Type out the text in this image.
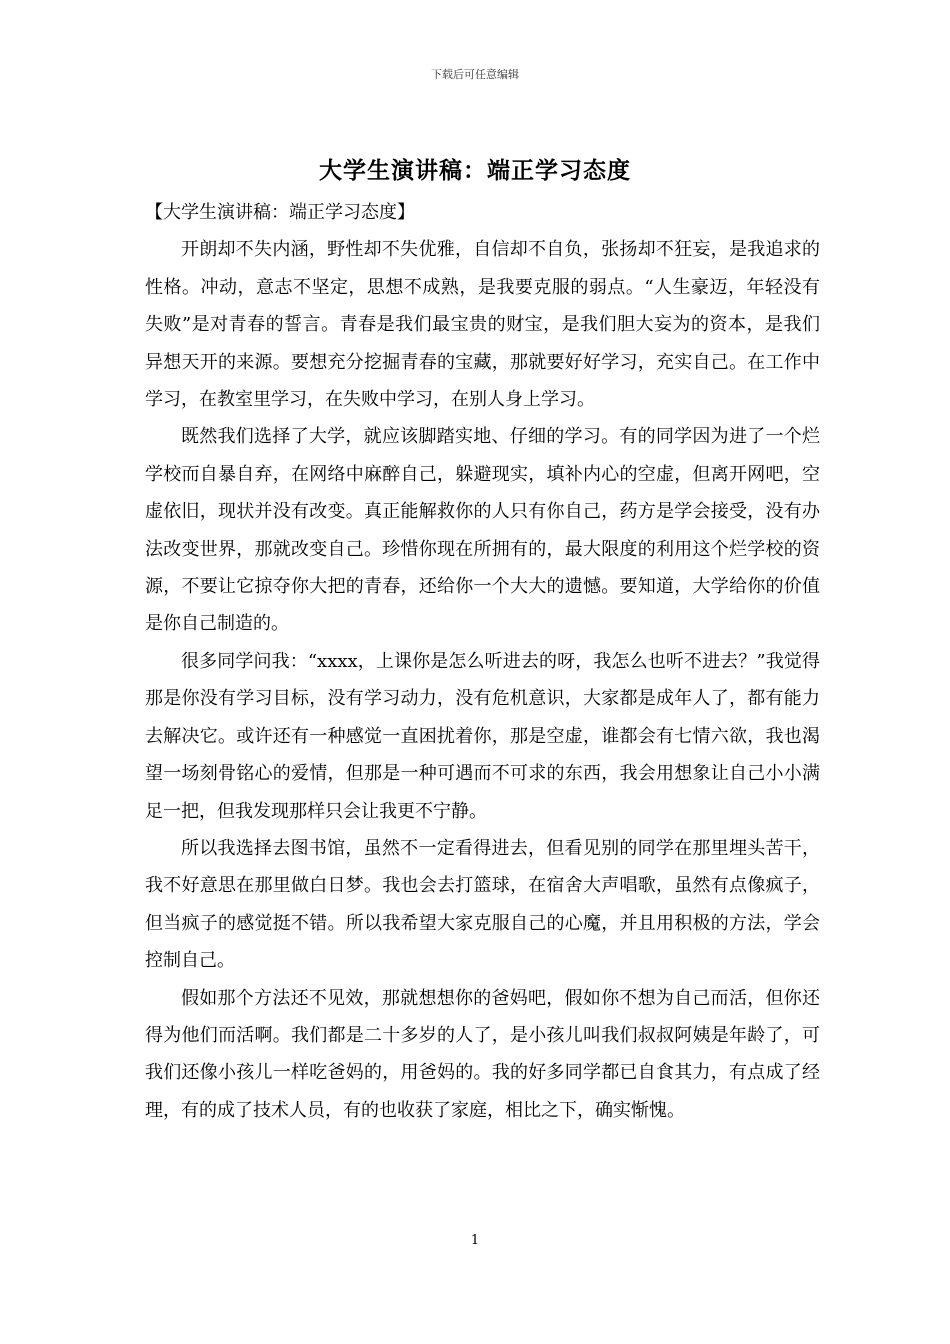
下载后可任意编辑
大学生演讲稿：端正学习态度

【大学生演讲稿：端正学习态度】

开朗却不失内涵，野性却不失优雅，自信却不自负，张扬却不狂妄，是我追求的性格。冲动，意志不坚定，思想不成熟，是我要克服的弱点。“人生豪迈，年轻没有失败”是对青春的誓言。青春是我们最宝贵的财宝，是我们胆大妄为的资本，是我们异想天开的来源。要想充分挖掘青春的宝藏，那就要好好学习，充实自己。在工作中学习，在教室里学习，在失败中学习，在别人身上学习。

既然我们选择了大学，就应该脚踏实地、仔细的学习。有的同学因为进了一个烂学校而自暴自弃，在网络中麻醉自己，躲避现实，填补内心的空虚，但离开网吧，空虚依旧，现状并没有改变。真正能解救你的人只有你自己，药方是学会接受，没有办法改变世界，那就改变自己。珍惜你现在所拥有的，最大限度的利用这个烂学校的资源，不要让它掠夺你大把的青春，还给你一个大大的遗憾。要知道，大学给你的价值是你自己制造的。

很多同学问我：“xxxx，上课你是怎么听进去的呀，我怎么也听不进去？”我觉得那是你没有学习目标，没有学习动力，没有危机意识，大家都是成年人了，都有能力去解决它。或许还有一种感觉一直困扰着你，那是空虚，谁都会有七情六欲，我也渴望一场刻骨铭心的爱情，但那是一种可遇而不可求的东西，我会用想象让自己小小满足一把，但我发现那样只会让我更不宁静。

所以我选择去图书馆，虽然不一定看得进去，但看见别的同学在那里埋头苦干，我不好意思在那里做白日梦。我也会去打篮球，在宿舍大声唱歌，虽然有点像疯子，但当疯子的感觉挺不错。所以我希望大家克服自己的心魔，并且用积极的方法，学会控制自己。

假如那个方法还不见效，那就想想你的爸妈吧，假如你不想为自己而活，但你还得为他们而活啊。我们都是二十多岁的人了，是小孩儿叫我们叔叔阿姨是年龄了，可我们还像小孩儿一样吃爸妈的，用爸妈的。我的好多同学都已自食其力，有点成了经理，有的成了技术人员，有的也收获了家庭，相比之下，确实惭愧。

1
